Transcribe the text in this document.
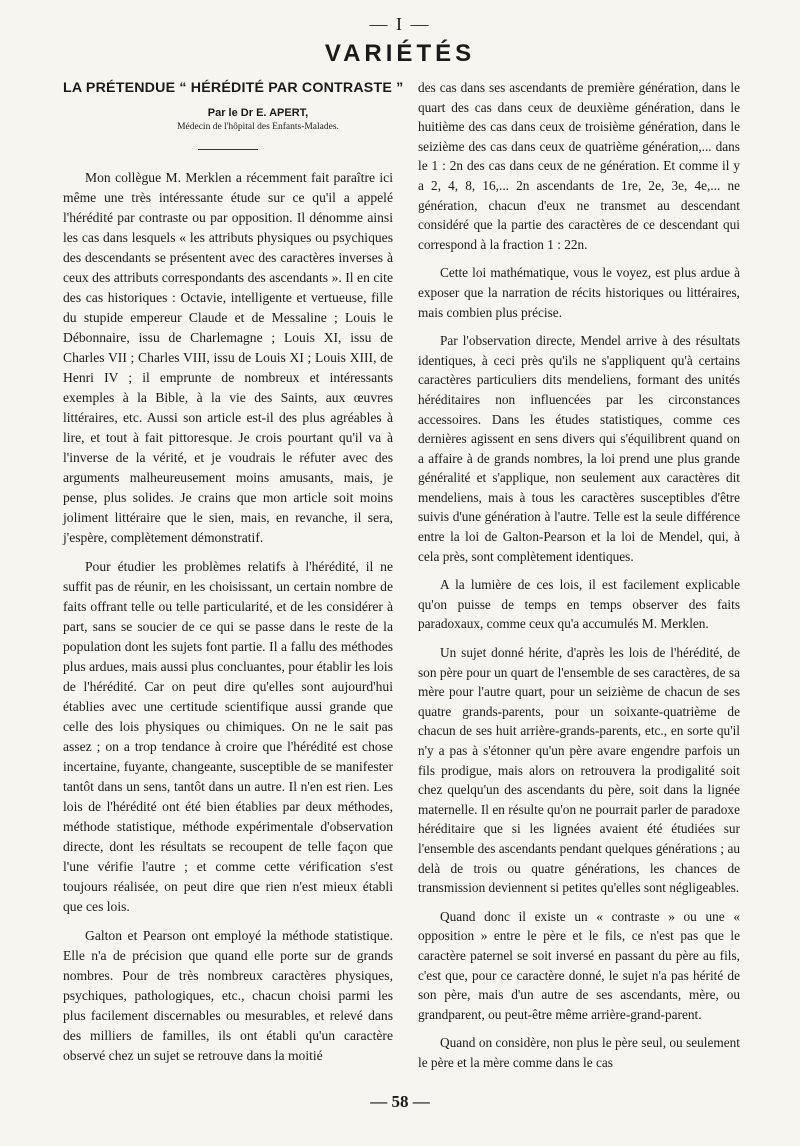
— I —
VARIÉTÉS
LA PRÉTENDUE “ HÉRÉDITÉ PAR CONTRASTE ”
Par le Dr E. APERT,
Médecin de l'hôpital des Enfants-Malades.

Mon collègue M. Merklen a récemment fait paraître ici même une très intéressante étude sur ce qu'il a appelé l'hérédité par contraste ou par opposition. Il dénomme ainsi les cas dans lesquels « les attributs physiques ou psychiques des descendants se présentent avec des caractères inverses à ceux des attributs correspondants des ascendants ». Il en cite des cas historiques : Octavie, intelligente et vertueuse, fille du stupide empereur Claude et de Messaline ; Louis le Débonnaire, issu de Charlemagne ; Louis XI, issu de Charles VII ; Charles VIII, issu de Louis XI ; Louis XIII, de Henri IV ; il emprunte de nombreux et intéressants exemples à la Bible, à la vie des Saints, aux œuvres littéraires, etc. Aussi son article est-il des plus agréables à lire, et tout à fait pittoresque. Je crois pourtant qu'il va à l'inverse de la vérité, et je voudrais le réfuter avec des arguments malheureusement moins amusants, mais, je pense, plus solides. Je crains que mon article soit moins joliment littéraire que le sien, mais, en revanche, il sera, j'espère, complètement démonstratif.

Pour étudier les problèmes relatifs à l'hérédité, il ne suffit pas de réunir, en les choisissant, un certain nombre de faits offrant telle ou telle particularité, et de les considérer à part, sans se soucier de ce qui se passe dans le reste de la population dont les sujets font partie. Il a fallu des méthodes plus ardues, mais aussi plus concluantes, pour établir les lois de l'hérédité. Car on peut dire qu'elles sont aujourd'hui établies avec une certitude scientifique aussi grande que celle des lois physiques ou chimiques. On ne le sait pas assez ; on a trop tendance à croire que l'hérédité est chose incertaine, fuyante, changeante, susceptible de se manifester tantôt dans un sens, tantôt dans un autre. Il n'en est rien. Les lois de l'hérédité ont été bien établies par deux méthodes, méthode statistique, méthode expérimentale d'observation directe, dont les résultats se recoupent de telle façon que l'une vérifie l'autre ; et comme cette vérification s'est toujours réalisée, on peut dire que rien n'est mieux établi que ces lois.

Galton et Pearson ont employé la méthode statistique. Elle n'a de précision que quand elle porte sur de grands nombres. Pour de très nombreux caractères physiques, psychiques, pathologiques, etc., chacun choisi parmi les plus facilement discernables ou mesurables, et relevé dans des milliers de familles, ils ont établi qu'un caractère observé chez un sujet se retrouve dans la moitié

des cas dans ses ascendants de première génération, dans le quart des cas dans ceux de deuxième génération, dans le huitième des cas dans ceux de troisième génération, dans le seizième des cas dans ceux de quatrième génération,... dans le 1 : 2n des cas dans ceux de ne génération. Et comme il y a 2, 4, 8, 16,... 2n ascendants de 1re, 2e, 3e, 4e,... ne génération, chacun d'eux ne transmet au descendant considéré que la partie des caractères de ce descendant qui correspond à la fraction 1 : 22n.

Cette loi mathématique, vous le voyez, est plus ardue à exposer que la narration de récits historiques ou littéraires, mais combien plus précise.

Par l'observation directe, Mendel arrive à des résultats identiques, à ceci près qu'ils ne s'appliquent qu'à certains caractères particuliers dits mendeliens, formant des unités héréditaires non influencées par les circonstances accessoires. Dans les études statistiques, comme ces dernières agissent en sens divers qui s'équilibrent quand on a affaire à de grands nombres, la loi prend une plus grande généralité et s'applique, non seulement aux caractères dit mendeliens, mais à tous les caractères susceptibles d'être suivis d'une génération à l'autre. Telle est la seule différence entre la loi de Galton-Pearson et la loi de Mendel, qui, à cela près, sont complètement identiques.

A la lumière de ces lois, il est facilement explicable qu'on puisse de temps en temps observer des faits paradoxaux, comme ceux qu'a accumulés M. Merklen.

Un sujet donné hérite, d'après les lois de l'hérédité, de son père pour un quart de l'ensemble de ses caractères, de sa mère pour l'autre quart, pour un seizième de chacun de ses quatre grands-parents, pour un soixante-quatrième de chacun de ses huit arrière-grands-parents, etc., en sorte qu'il n'y a pas à s'étonner qu'un père avare engendre parfois un fils prodigue, mais alors on retrouvera la prodigalité soit chez quelqu'un des ascendants du père, soit dans la lignée maternelle. Il en résulte qu'on ne pourrait parler de paradoxe héréditaire que si les lignées avaient été étudiées sur l'ensemble des ascendants pendant quelques générations ; au delà de trois ou quatre générations, les chances de transmission deviennent si petites qu'elles sont négligeables.

Quand donc il existe un « contraste » ou une « opposition » entre le père et le fils, ce n'est pas que le caractère paternel se soit inversé en passant du père au fils, c'est que, pour ce caractère donné, le sujet n'a pas hérité de son père, mais d'un autre de ses ascendants, mère, ou grandparent, ou peut-être même arrière-grand-parent.

Quand on considère, non plus le père seul, ou seulement le père et la mère comme dans le cas

— 58 —
